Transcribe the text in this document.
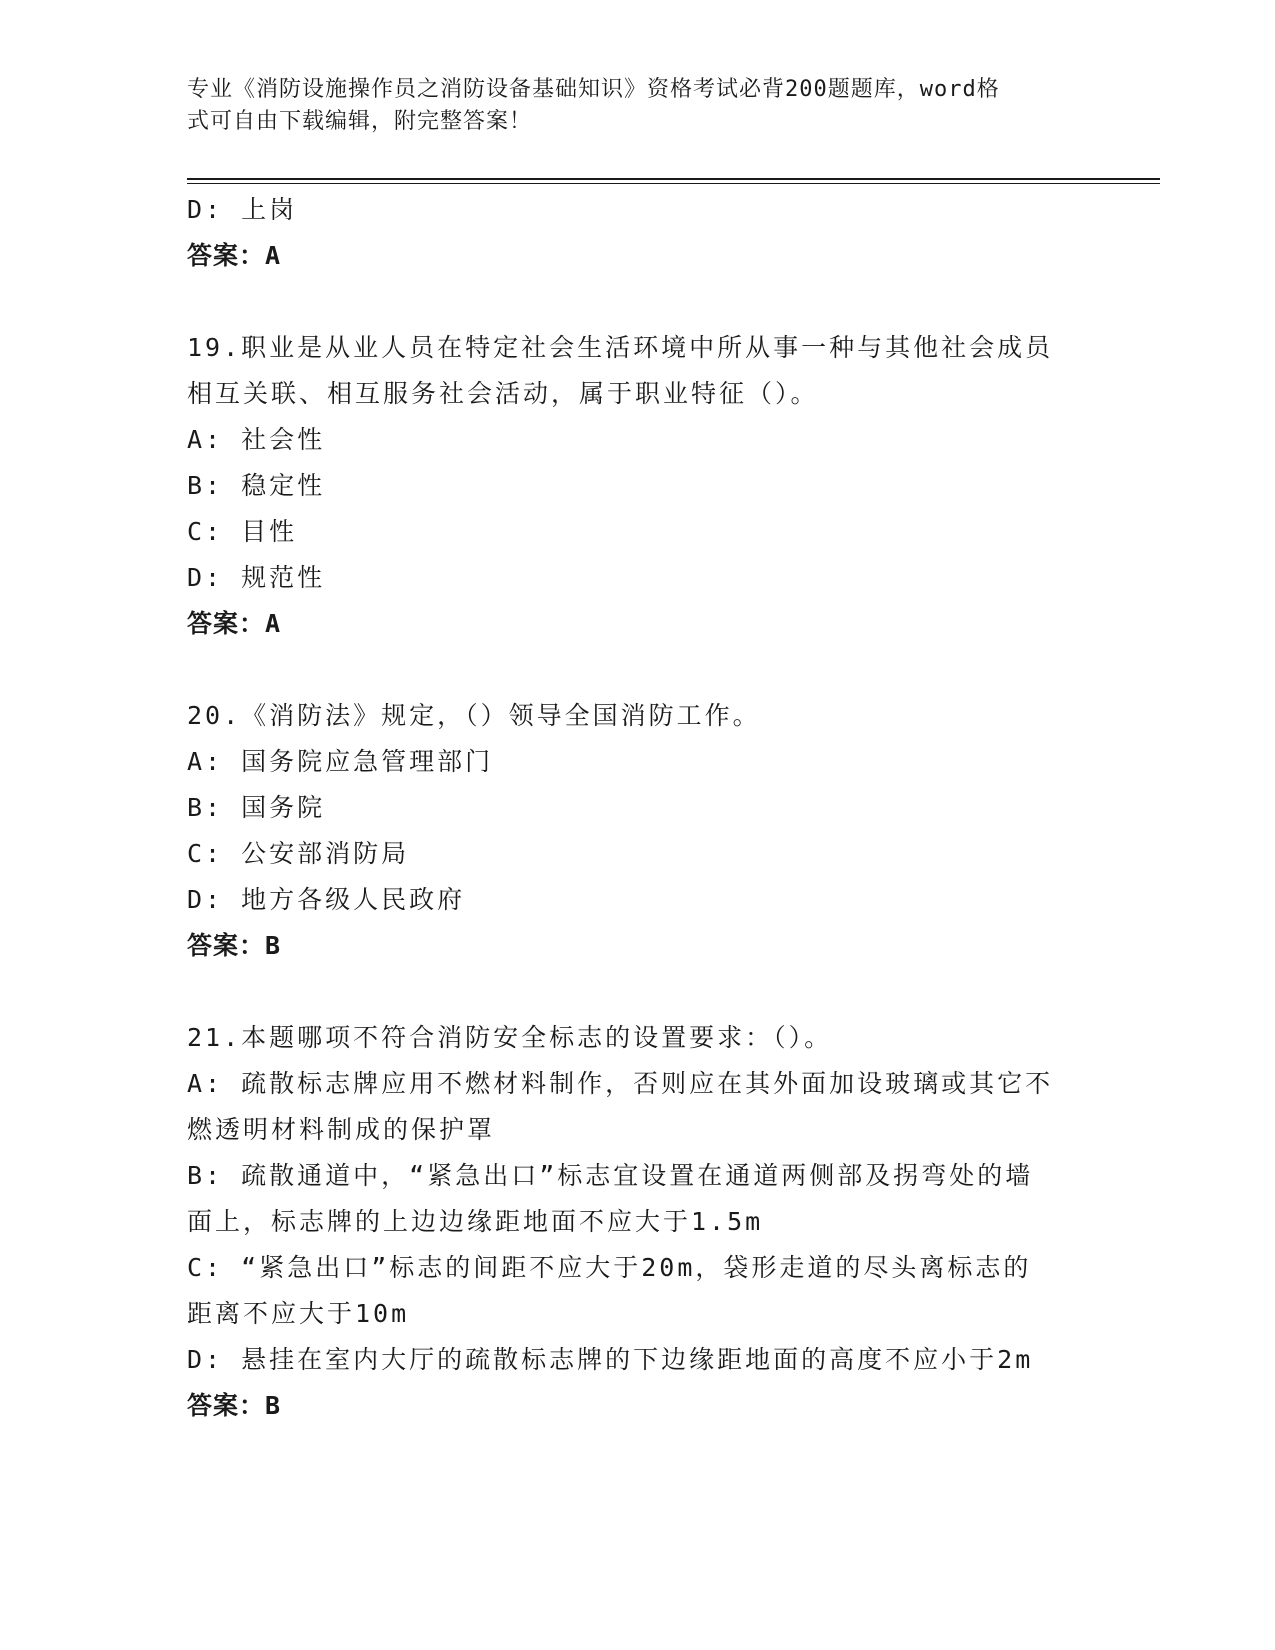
专业《消防设施操作员之消防设备基础知识》资格考试必背200题题库，word格
式可自由下载编辑，附完整答案！
D: 上岗
答案：A
19.职业是从业人员在特定社会生活环境中所从事一种与其他社会成员
相互关联、相互服务社会活动，属于职业特征（）。
A: 社会性
B: 稳定性
C: 目性
D: 规范性
答案：A
20.《消防法》规定，（）领导全国消防工作。
A: 国务院应急管理部门
B: 国务院
C: 公安部消防局
D: 地方各级人民政府
答案：B
21.本题哪项不符合消防安全标志的设置要求：（）。
A: 疏散标志牌应用不燃材料制作，否则应在其外面加设玻璃或其它不
燃透明材料制成的保护罩
B: 疏散通道中，“紧急出口”标志宜设置在通道两侧部及拐弯处的墙
面上，标志牌的上边边缘距地面不应大于1.5m
C: “紧急出口”标志的间距不应大于20m，袋形走道的尽头离标志的
距离不应大于10m
D: 悬挂在室内大厅的疏散标志牌的下边缘距地面的高度不应小于2m
答案：B
